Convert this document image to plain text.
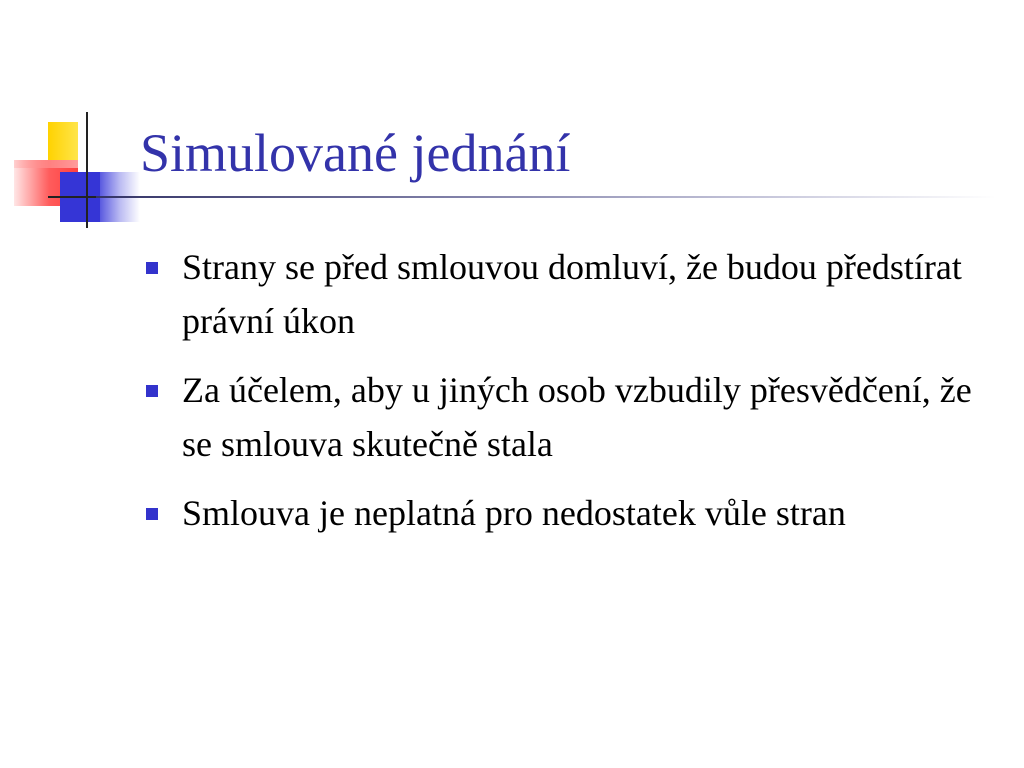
Simulované jednání
Strany se před smlouvou domluví, že budou předstírat právní úkon
Za účelem, aby u jiných osob vzbudily přesvědčení, že se smlouva skutečně stala
Smlouva je neplatná pro nedostatek vůle stran
